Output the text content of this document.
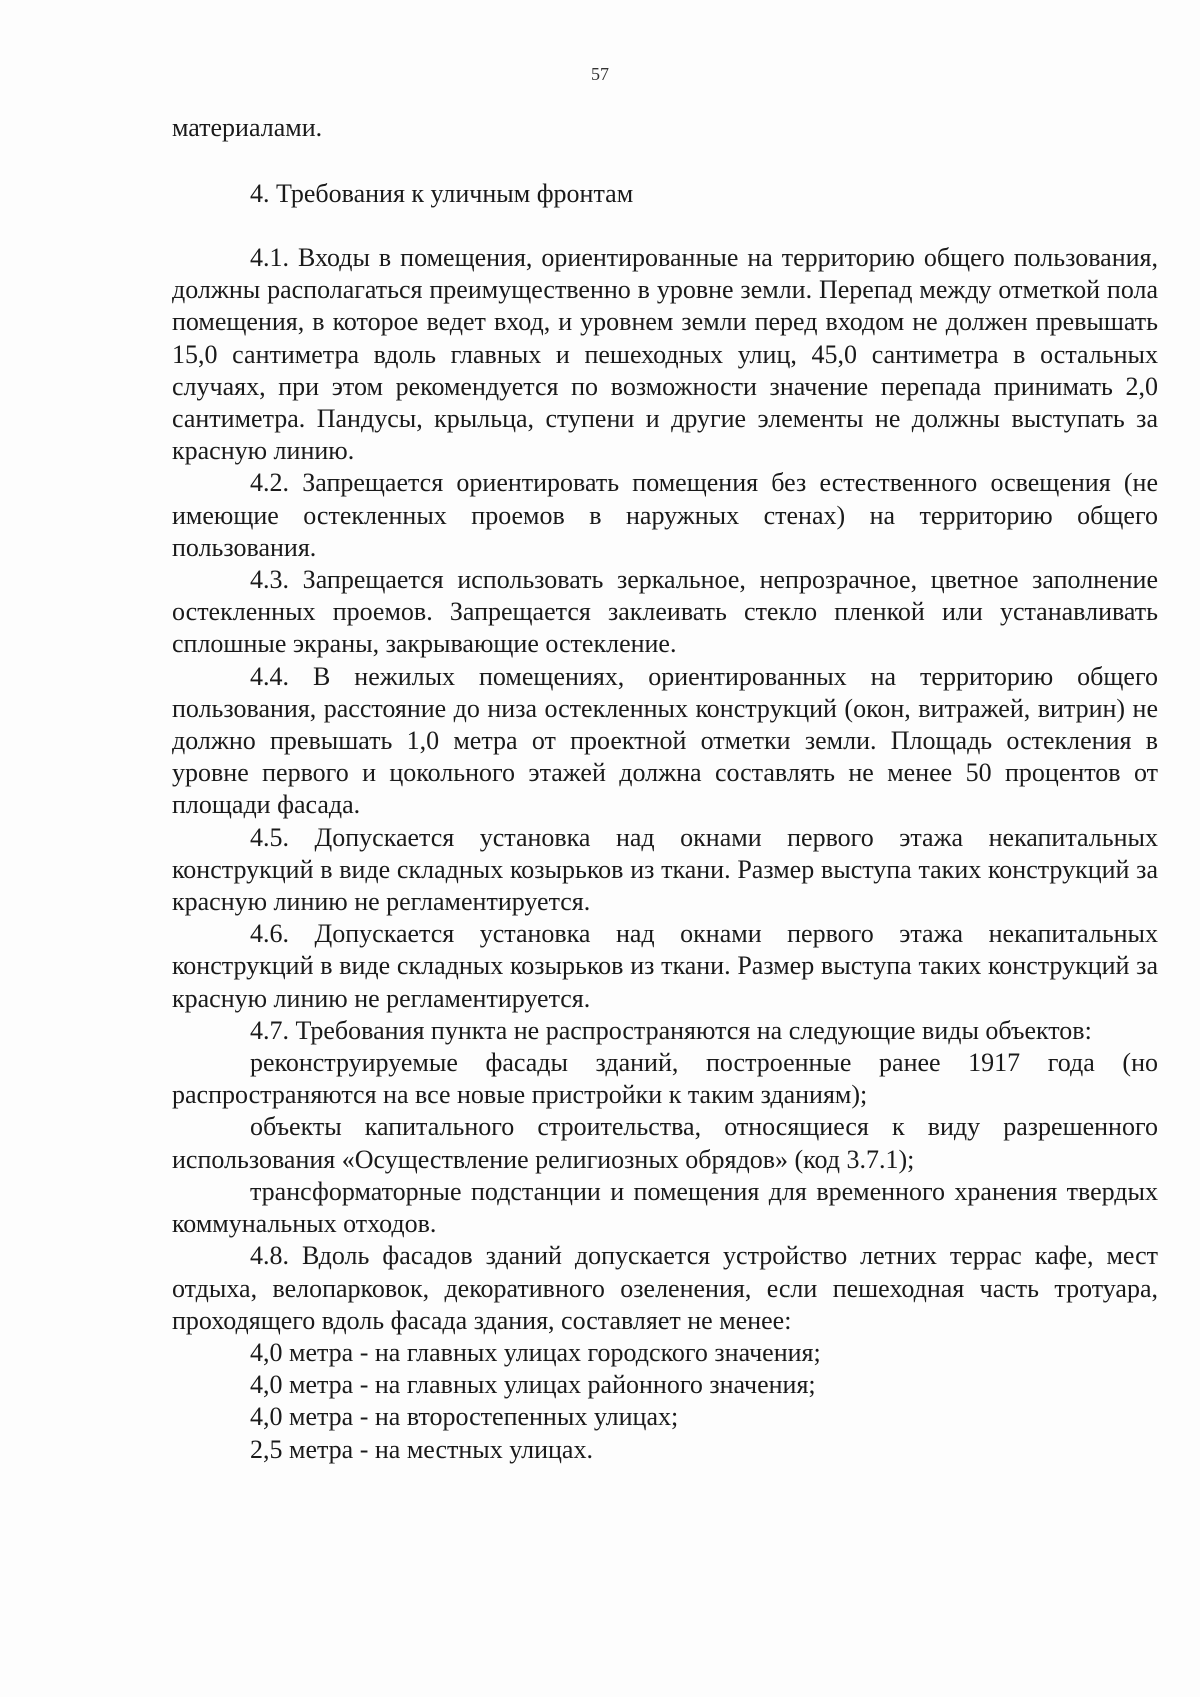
57

материалами.

4. Требования к уличным фронтам

4.1. Входы в помещения, ориентированные на территорию общего пользования, должны располагаться преимущественно в уровне земли. Перепад между отметкой пола помещения, в которое ведет вход, и уровнем земли перед входом не должен превышать 15,0 сантиметра вдоль главных и пешеходных улиц, 45,0 сантиметра в остальных случаях, при этом рекомендуется по возможности значение перепада принимать 2,0 сантиметра. Пандусы, крыльца, ступени и другие элементы не должны выступать за красную линию.

4.2. Запрещается ориентировать помещения без естественного освещения (не имеющие остекленных проемов в наружных стенах) на территорию общего пользования.

4.3. Запрещается использовать зеркальное, непрозрачное, цветное заполнение остекленных проемов. Запрещается заклеивать стекло пленкой или устанавливать сплошные экраны, закрывающие остекление.

4.4. В нежилых помещениях, ориентированных на территорию общего пользования, расстояние до низа остекленных конструкций (окон, витражей, витрин) не должно превышать 1,0 метра от проектной отметки земли. Площадь остекления в уровне первого и цокольного этажей должна составлять не менее 50 процентов от площади фасада.

4.5. Допускается установка над окнами первого этажа некапитальных конструкций в виде складных козырьков из ткани. Размер выступа таких конструкций за красную линию не регламентируется.

4.6. Допускается установка над окнами первого этажа некапитальных конструкций в виде складных козырьков из ткани. Размер выступа таких конструкций за красную линию не регламентируется.

4.7. Требования пункта не распространяются на следующие виды объектов:

реконструируемые фасады зданий, построенные ранее 1917 года (но распространяются на все новые пристройки к таким зданиям);

объекты капитального строительства, относящиеся к виду разрешенного использования «Осуществление религиозных обрядов» (код 3.7.1);

трансформаторные подстанции и помещения для временного хранения твердых коммунальных отходов.

4.8. Вдоль фасадов зданий допускается устройство летних террас кафе, мест отдыха, велопарковок, декоративного озеленения, если пешеходная часть тротуара, проходящего вдоль фасада здания, составляет не менее:

4,0 метра - на главных улицах городского значения;

4,0 метра - на главных улицах районного значения;

4,0 метра - на второстепенных улицах;

2,5 метра - на местных улицах.
